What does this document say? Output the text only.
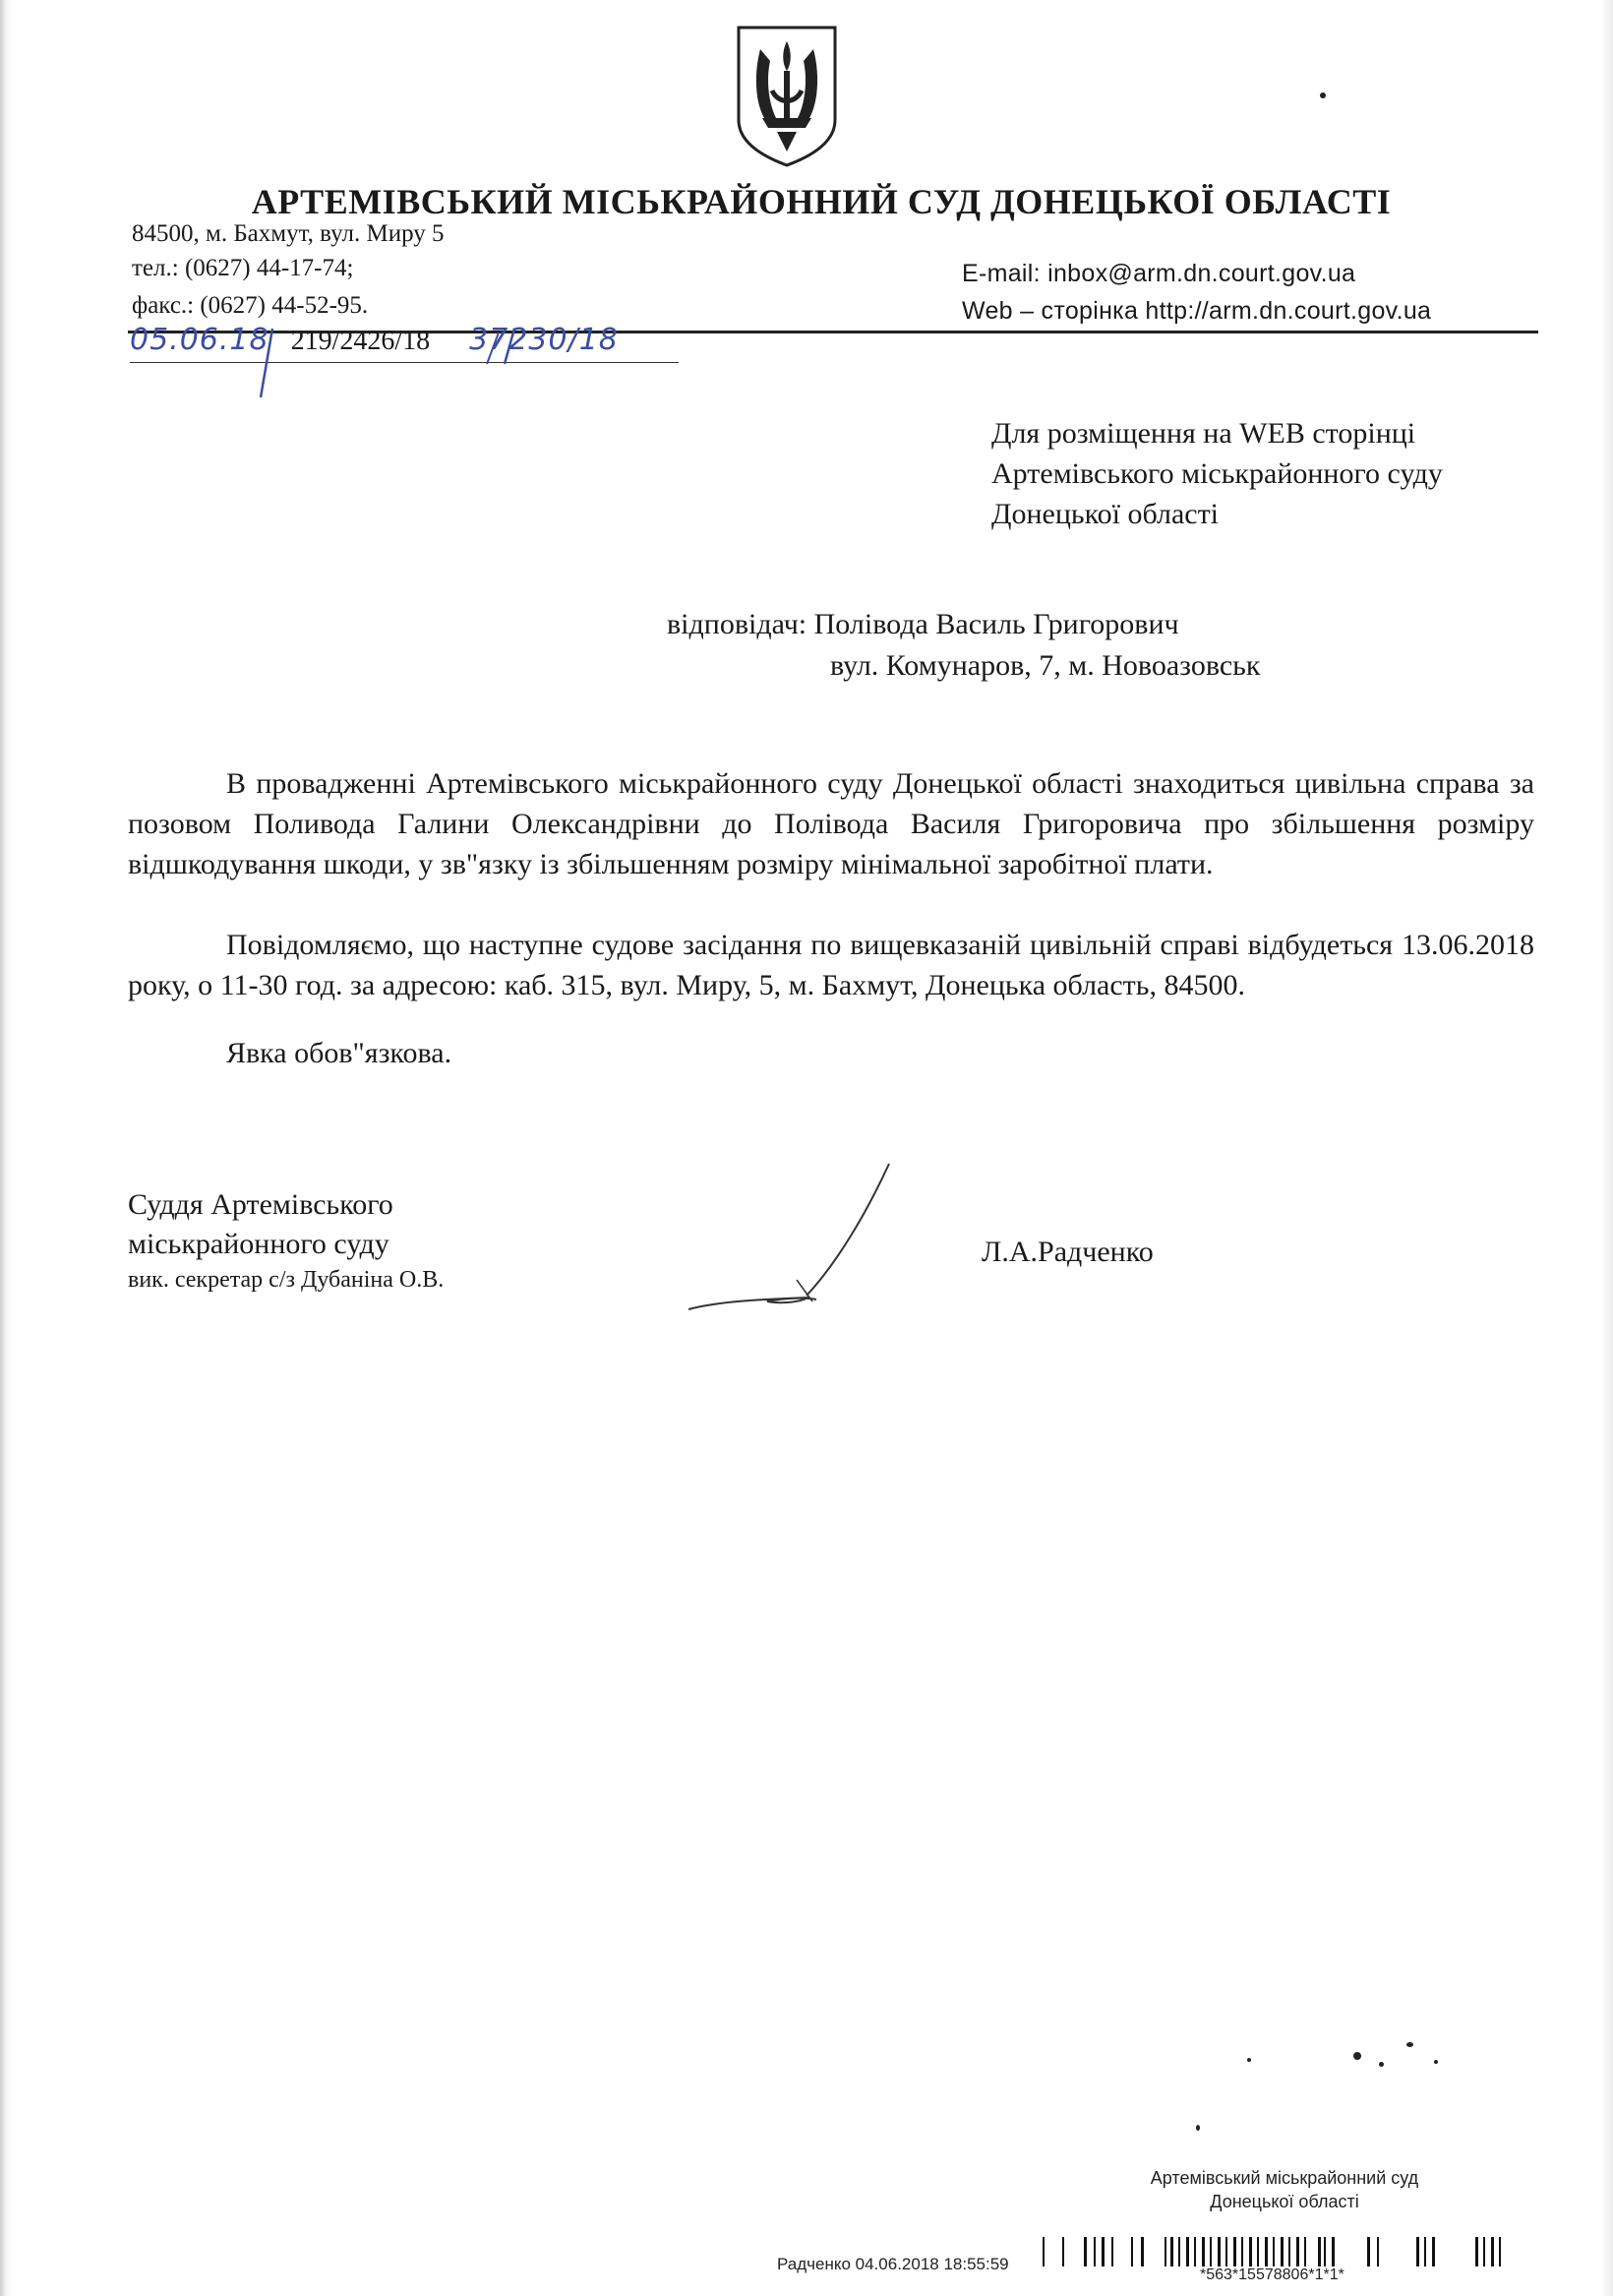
АРТЕМІВСЬКИЙ МІСЬКРАЙОННИЙ СУД ДОНЕЦЬКОЇ ОБЛАСТІ
84500, м. Бахмут, вул. Миру 5
тел.: (0627) 44-17-74;
факс.: (0627) 44-52-95.
E-mail: inbox@arm.dn.court.gov.ua
Web – сторінка http://arm.dn.court.gov.ua
05.06.18 219/2426/18 37230/18
Для розміщення на WEB сторінці
Артемівського міськрайонного суду
Донецької області
відповідач: Полівода Василь Григорович
вул. Комунаров, 7, м. Новоазовськ
В провадженні Артемівського міськрайонного суду Донецької області знаходиться цивільна справа за позовом Поливода Галини Олександрівни до Полівода Василя Григоровича про збільшення розміру відшкодування шкоди, у зв"язку із збільшенням розміру мінімальної заробітної плати.
Повідомляємо, що наступне судове засідання по вищевказаній цивільній справі відбудеться 13.06.2018 року, о 11-30 год. за адресою: каб. 315, вул. Миру, 5, м. Бахмут, Донецька область, 84500.
Явка обов"язкова.
Суддя Артемівського
міськрайонного суду
вик. секретар с/з Дубаніна О.В.
Л.А.Радченко
Артемівський міськрайонний суд
Донецької області
Радченко 04.06.2018 18:55:59
*563*15578806*1*1*
